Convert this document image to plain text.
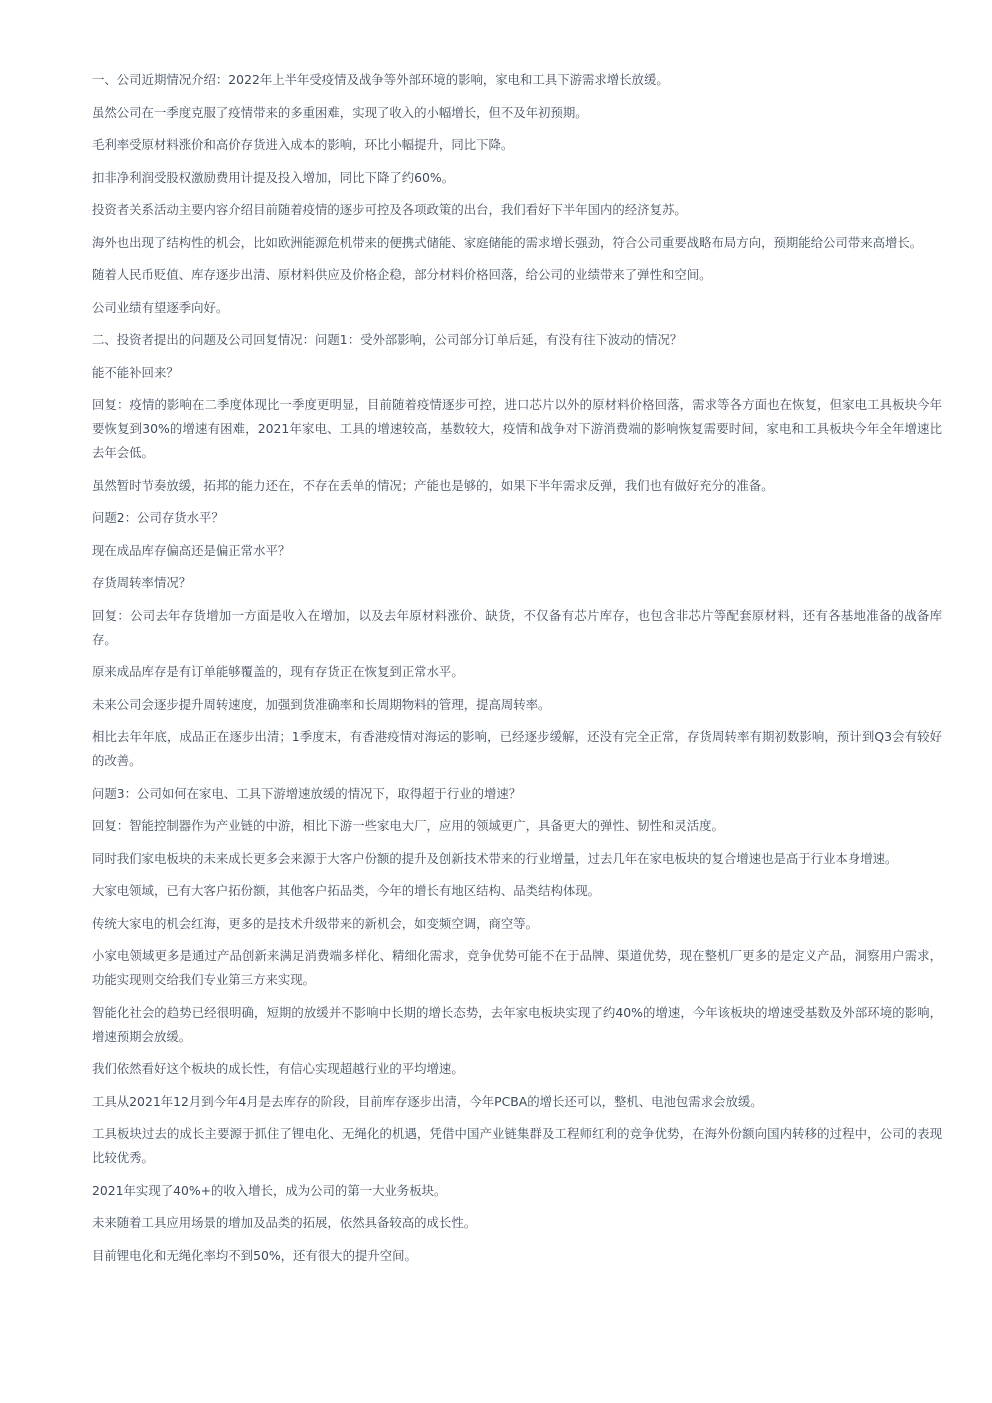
一、公司近期情况介绍：2022年上半年受疫情及战争等外部环境的影响，家电和工具下游需求增长放缓。

虽然公司在一季度克服了疫情带来的多重困难，实现了收入的小幅增长，但不及年初预期。

毛利率受原材料涨价和高价存货进入成本的影响，环比小幅提升，同比下降。

扣非净利润受股权激励费用计提及投入增加，同比下降了约60%。

投资者关系活动主要内容介绍目前随着疫情的逐步可控及各项政策的出台，我们看好下半年国内的经济复苏。

海外也出现了结构性的机会，比如欧洲能源危机带来的便携式储能、家庭储能的需求增长强劲，符合公司重要战略布局方向，预期能给公司带来高增长。

随着人民币贬值、库存逐步出清、原材料供应及价格企稳，部分材料价格回落，给公司的业绩带来了弹性和空间。

公司业绩有望逐季向好。

二、投资者提出的问题及公司回复情况：问题1：受外部影响，公司部分订单后延，有没有往下波动的情况？

能不能补回来？

回复：疫情的影响在二季度体现比一季度更明显，目前随着疫情逐步可控，进口芯片以外的原材料价格回落，需求等各方面也在恢复，但家电工具板块今年要恢复到30%的增速有困难，2021年家电、工具的增速较高，基数较大，疫情和战争对下游消费端的影响恢复需要时间，家电和工具板块今年全年增速比去年会低。

虽然暂时节奏放缓，拓邦的能力还在，不存在丢单的情况；产能也是够的，如果下半年需求反弹，我们也有做好充分的准备。

问题2：公司存货水平？

现在成品库存偏高还是偏正常水平？

存货周转率情况？

回复：公司去年存货增加一方面是收入在增加，以及去年原材料涨价、缺货，不仅备有芯片库存，也包含非芯片等配套原材料，还有各基地准备的战备库存。

原来成品库存是有订单能够覆盖的，现有存货正在恢复到正常水平。

未来公司会逐步提升周转速度，加强到货准确率和长周期物料的管理，提高周转率。

相比去年年底，成品正在逐步出清；1季度末，有香港疫情对海运的影响，已经逐步缓解，还没有完全正常，存货周转率有期初数影响，预计到Q3会有较好的改善。

问题3：公司如何在家电、工具下游增速放缓的情况下，取得超于行业的增速？

回复：智能控制器作为产业链的中游，相比下游一些家电大厂，应用的领域更广，具备更大的弹性、韧性和灵活度。

同时我们家电板块的未来成长更多会来源于大客户份额的提升及创新技术带来的行业增量，过去几年在家电板块的复合增速也是高于行业本身增速。

大家电领域，已有大客户拓份额，其他客户拓品类，今年的增长有地区结构、品类结构体现。

传统大家电的机会红海，更多的是技术升级带来的新机会，如变频空调，商空等。

小家电领域更多是通过产品创新来满足消费端多样化、精细化需求，竞争优势可能不在于品牌、渠道优势，现在整机厂更多的是定义产品，洞察用户需求，功能实现则交给我们专业第三方来实现。

智能化社会的趋势已经很明确，短期的放缓并不影响中长期的增长态势，去年家电板块实现了约40%的增速，今年该板块的增速受基数及外部环境的影响，增速预期会放缓。

我们依然看好这个板块的成长性，有信心实现超越行业的平均增速。

工具从2021年12月到今年4月是去库存的阶段，目前库存逐步出清，今年PCBA的增长还可以，整机、电池包需求会放缓。

工具板块过去的成长主要源于抓住了锂电化、无绳化的机遇，凭借中国产业链集群及工程师红利的竞争优势，在海外份额向国内转移的过程中，公司的表现比较优秀。

2021年实现了40%+的收入增长，成为公司的第一大业务板块。

未来随着工具应用场景的增加及品类的拓展，依然具备较高的成长性。

目前锂电化和无绳化率均不到50%，还有很大的提升空间。
